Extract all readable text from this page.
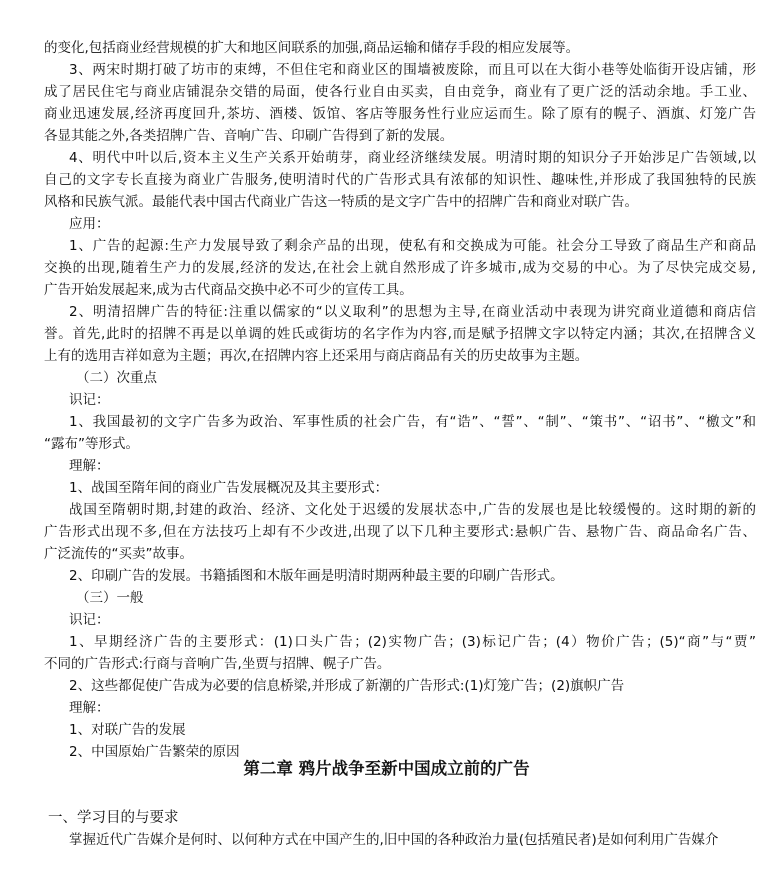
的变化,包括商业经营规模的扩大和地区间联系的加强,商品运输和储存手段的相应发展等。
3、两宋时期打破了坊市的束缚，不但住宅和商业区的围墙被废除，而且可以在大街小巷等处临街开设店铺，形
成了居民住宅与商业店铺混杂交错的局面，使各行业自由买卖，自由竞争，商业有了更广泛的活动余地。手工业、
商业迅速发展,经济再度回升,茶坊、酒楼、饭馆、客店等服务性行业应运而生。除了原有的幌子、酒旗、灯笼广告
各显其能之外,各类招牌广告、音响广告、印刷广告得到了新的发展。
4、明代中叶以后,资本主义生产关系开始萌芽，商业经济继续发展。明清时期的知识分子开始涉足广告领域,以
自己的文字专长直接为商业广告服务,使明清时代的广告形式具有浓郁的知识性、趣味性,并形成了我国独特的民族
风格和民族气派。最能代表中国古代商业广告这一特质的是文字广告中的招牌广告和商业对联广告。
应用：
1、广告的起源:生产力发展导致了剩余产品的出现，使私有和交换成为可能。社会分工导致了商品生产和商品
交换的出现,随着生产力的发展,经济的发达,在社会上就自然形成了许多城市,成为交易的中心。为了尽快完成交易,
广告开始发展起来,成为古代商品交换中必不可少的宣传工具。
2、明清招牌广告的特征:注重以儒家的“以义取利”的思想为主导,在商业活动中表现为讲究商业道德和商店信
誉。首先,此时的招牌不再是以单调的姓氏或街坊的名字作为内容,而是赋予招牌文字以特定内涵；其次,在招牌含义
上有的选用吉祥如意为主题；再次,在招牌内容上还采用与商店商品有关的历史故事为主题。
（二）次重点
识记：
1、我国最初的文字广告多为政治、军事性质的社会广告，有“诰”、“誓”、“制”、“策书”、“诏书”、“檄文”和
“露布”等形式。
理解：
1、战国至隋年间的商业广告发展概况及其主要形式：
战国至隋朝时期,封建的政治、经济、文化处于迟缓的发展状态中,广告的发展也是比较缓慢的。这时期的新的
广告形式出现不多,但在方法技巧上却有不少改进,出现了以下几种主要形式:悬帜广告、悬物广告、商品命名广告、
广泛流传的“买卖”故事。
2、印刷广告的发展。书籍插图和木版年画是明清时期两种最主要的印刷广告形式。
（三）一般
识记：
1、早期经济广告的主要形式：(1)口头广告；(2)实物广告；(3)标记广告；(4）物价广告；(5)“商”与“贾”
不同的广告形式:行商与音响广告,坐贾与招牌、幌子广告。
2、这些都促使广告成为必要的信息桥梁,并形成了新潮的广告形式:(1)灯笼广告；(2)旗帜广告
理解：
1、对联广告的发展
2、中国原始广告繁荣的原因
第二章 鸦片战争至新中国成立前的广告
一、学习目的与要求
掌握近代广告媒介是何时、以何种方式在中国产生的,旧中国的各种政治力量(包括殖民者)是如何利用广告媒介
